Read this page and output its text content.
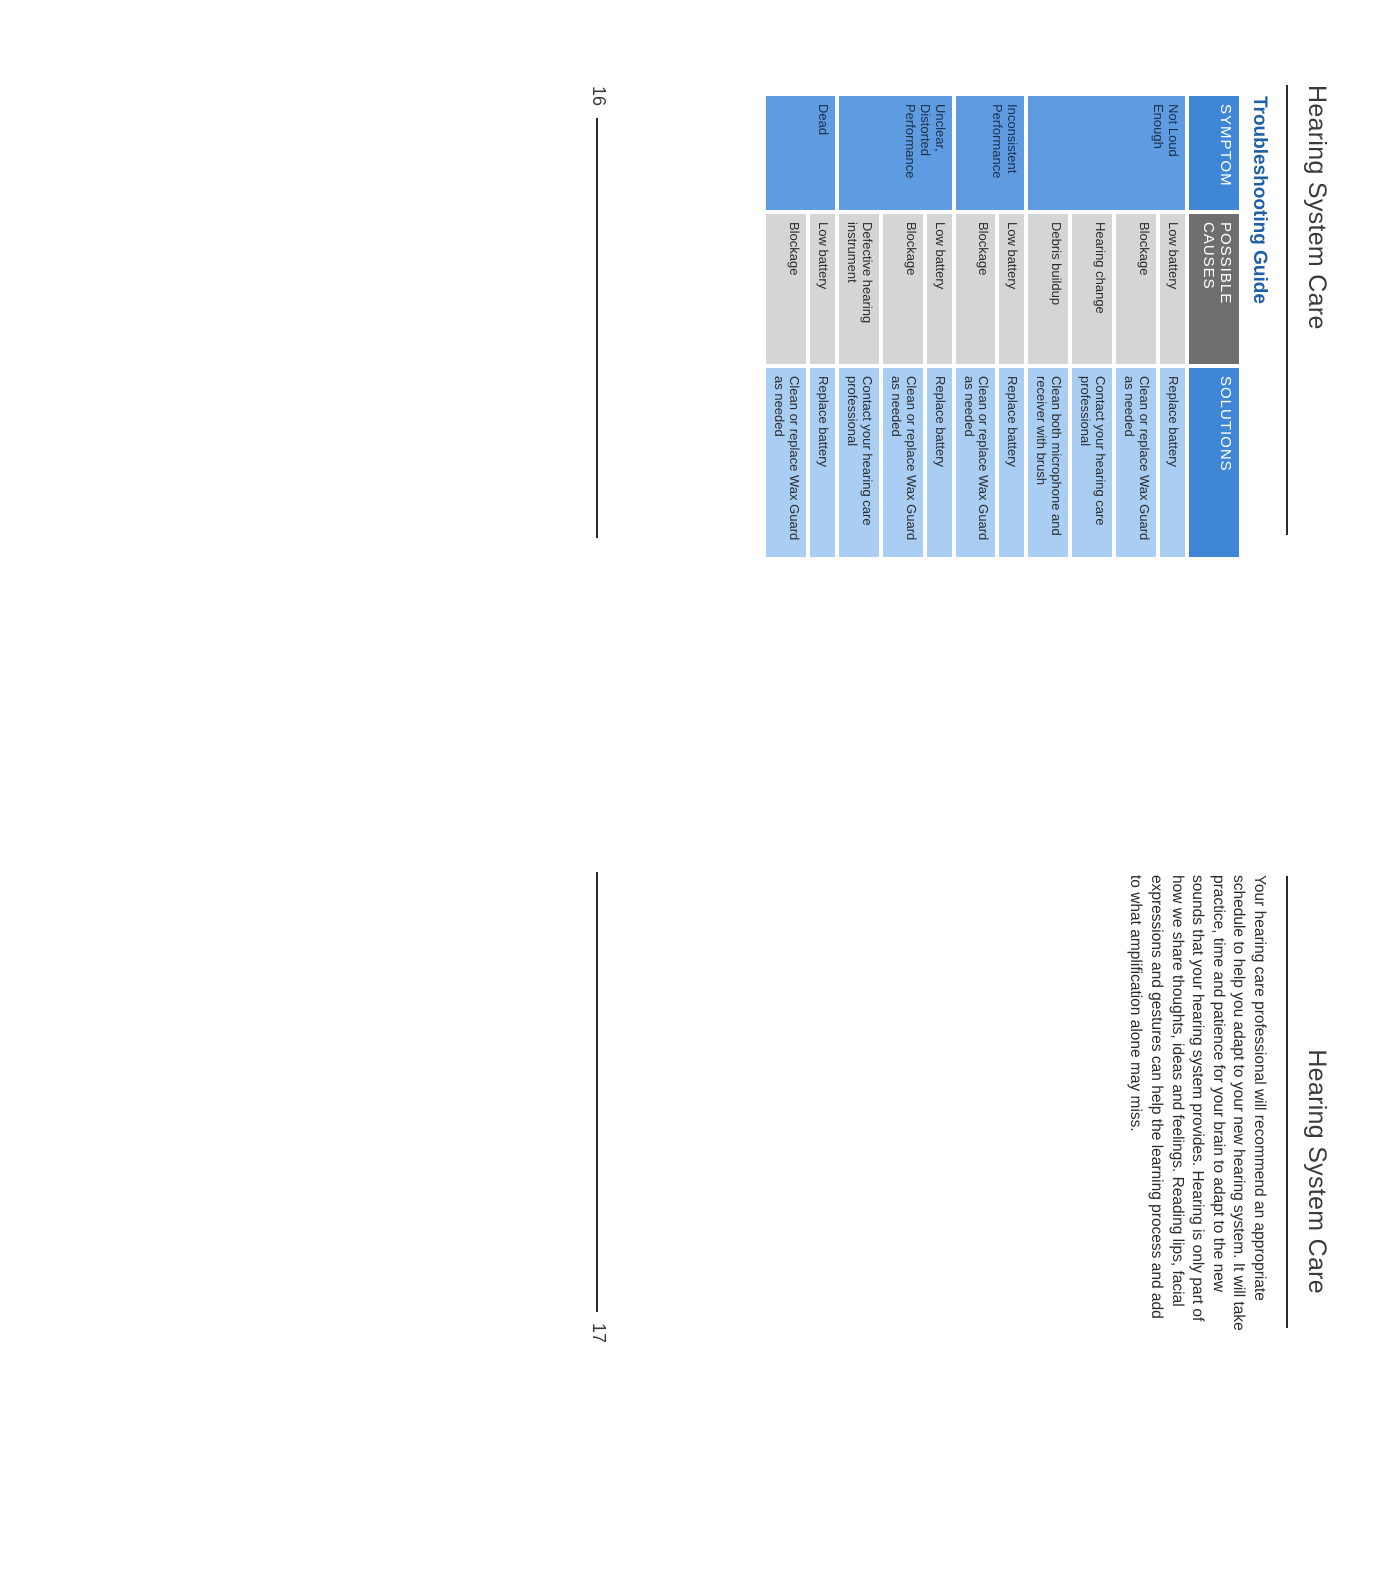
Hearing System Care
Troubleshooting Guide
SYMPTOM	POSSIBLE CAUSES	SOLUTIONS
Not Loud Enough	Low battery	Replace battery
	Blockage	Clean or replace Wax Guard as needed
	Hearing change	Contact your hearing care professional
	Debris buildup	Clean both microphone and receiver with brush
Inconsistent Performance	Low battery	Replace battery
	Blockage	Clean or replace Wax Guard as needed
Unclear, Distorted Performance	Low battery	Replace battery
	Blockage	Clean or replace Wax Guard as needed
	Defective hearing instrument	Contact your hearing care professional
Dead	Low battery	Replace battery
	Blockage	Clean or replace Wax Guard as needed
16
Hearing System Care

Your hearing care professional will recommend an appropriate schedule to help you adapt to your new hearing system. It will take practice, time and patience for your brain to adapt to the new sounds that your hearing system provides. Hearing is only part of how we share thoughts, ideas and feelings. Reading lips, facial expressions and gestures can help the learning process and add to what amplification alone may miss.

17
